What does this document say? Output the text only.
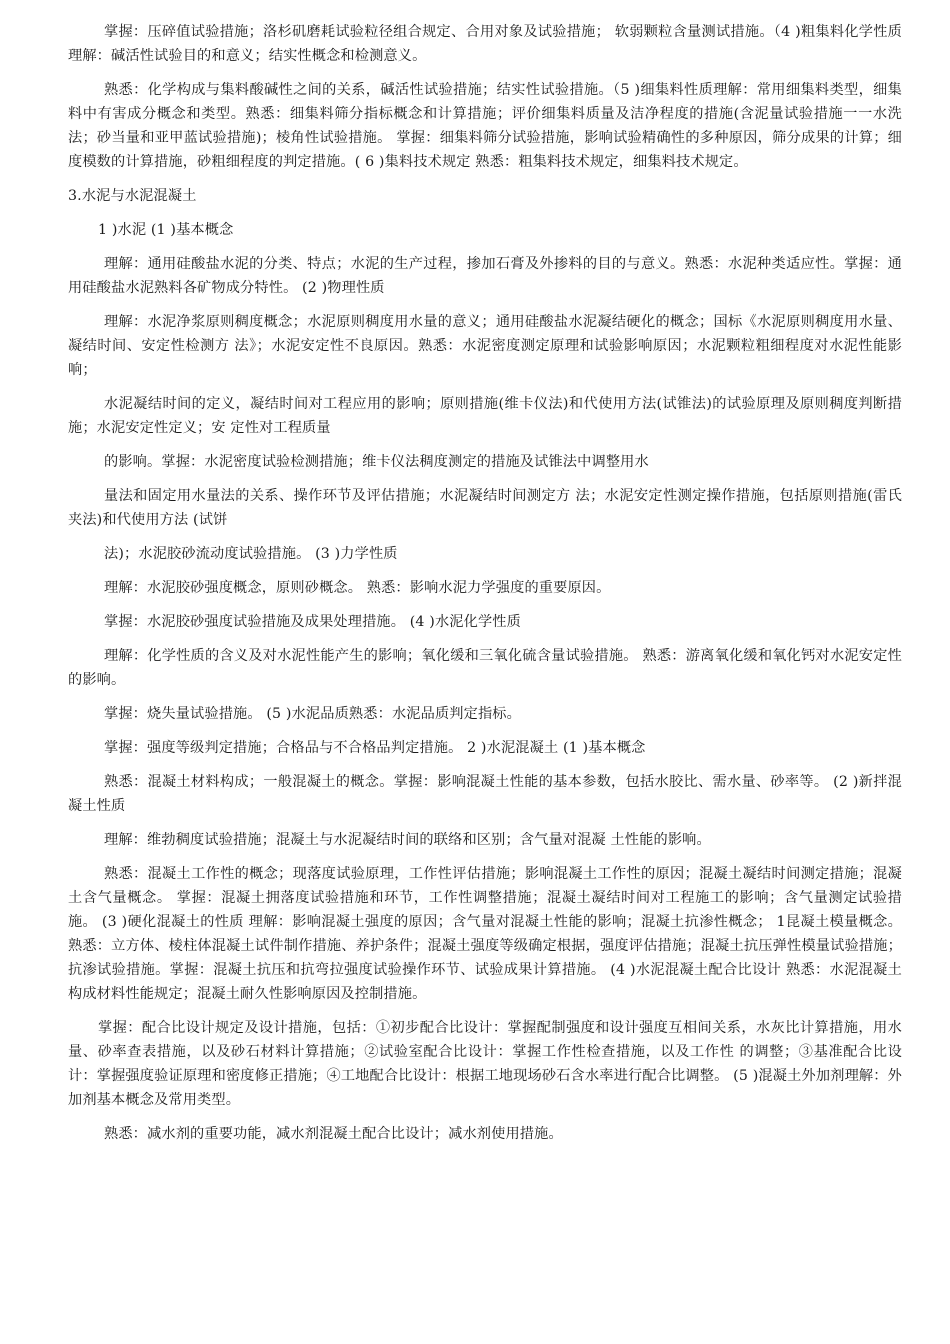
掌握：压碎值试验措施；洛杉矶磨耗试验粒径组合规定、合用对象及试验措施； 软弱颗粒含量测试措施。（4 )粗集料化学性质 理解：碱活性试验目的和意义；结实性概念和检测意义。

熟悉：化学构成与集料酸碱性之间的关系，碱活性试验措施；结实性试验措施。（5 )细集料性质理解：常用细集料类型，细集料中有害成分概念和类型。熟悉：细集料筛分指标概念和计算措施；评价细集料质量及洁净程度的措施(含泥量试验措施一一水洗法；砂当量和亚甲蓝试验措施)；棱角性试验措施。 掌握：细集料筛分试验措施，影响试验精确性的多种原因，筛分成果的计算；细度模数的计算措施，砂粗细程度的判定措施。( 6 )集料技术规定 熟悉：粗集料技术规定，细集料技术规定。

3.水泥与水泥混凝土

1 )水泥 (1 )基本概念

理解：通用硅酸盐水泥的分类、特点；水泥的生产过程，掺加石膏及外掺料的目的与意义。熟悉：水泥种类适应性。掌握：通用硅酸盐水泥熟料各矿物成分特性。 (2 )物理性质

理解：水泥净浆原则稠度概念；水泥原则稠度用水量的意义；通用硅酸盐水泥凝结硬化的概念；国标《水泥原则稠度用水量、凝结时间、安定性检测方 法》；水泥安定性不良原因。熟悉：水泥密度测定原理和试验影响原因；水泥颗粒粗细程度对水泥性能影响；

水泥凝结时间的定义，凝结时间对工程应用的影响；原则措施(维卡仪法)和代使用方法(试锥法)的试验原理及原则稠度判断措施；水泥安定性定义；安 定性对工程质量

的影响。掌握：水泥密度试验检测措施；维卡仪法稠度测定的措施及试锥法中调整用水

量法和固定用水量法的关系、操作环节及评估措施；水泥凝结时间测定方 法；水泥安定性测定操作措施，包括原则措施(雷氏夹法)和代使用方法 (试饼

法)；水泥胶砂流动度试验措施。 (3 )力学性质

理解：水泥胶砂强度概念，原则砂概念。 熟悉：影响水泥力学强度的重要原因。

掌握：水泥胶砂强度试验措施及成果处理措施。 (4 )水泥化学性质

理解：化学性质的含义及对水泥性能产生的影响；氧化缓和三氧化硫含量试验措施。 熟悉：游离氧化缓和氧化钙对水泥安定性的影响。

掌握：烧失量试验措施。 (5 )水泥品质熟悉：水泥品质判定指标。

掌握：强度等级判定措施；合格品与不合格品判定措施。 2 )水泥混凝土 (1 )基本概念

熟悉：混凝土材料构成；一般混凝土的概念。掌握：影响混凝土性能的基本参数，包括水胶比、需水量、砂率等。 (2 )新拌混凝土性质

理解：维勃稠度试验措施；混凝土与水泥凝结时间的联络和区别；含气量对混凝 土性能的影响。

熟悉：混凝土工作性的概念；现落度试验原理，工作性评估措施；影响混凝土工作性的原因；混凝土凝结时间测定措施；混凝土含气量概念。 掌握：混凝土拥落度试验措施和环节，工作性调整措施；混凝土凝结时间对工程施工的影响；含气量测定试验措施。 (3 )硬化混凝土的性质 理解：影响混凝土强度的原因；含气量对混凝土性能的影响；混凝土抗渗性概念； 1昆凝土模量概念。熟悉：立方体、棱柱体混凝土试件制作措施、养护条件；混凝土强度等级确定根据，强度评估措施；混凝土抗压弹性模量试验措施；抗渗试验措施。掌握：混凝土抗压和抗弯拉强度试验操作环节、试验成果计算措施。 (4 )水泥混凝土配合比设计 熟悉：水泥混凝土构成材料性能规定；混凝土耐久性影响原因及控制措施。

掌握：配合比设计规定及设计措施，包括：①初步配合比设计：掌握配制强度和设计强度互相间关系，水灰比计算措施，用水量、砂率查表措施，以及砂石材料计算措施；②试验室配合比设计：掌握工作性检查措施，以及工作性 的调整；③基准配合比设计：掌握强度验证原理和密度修正措施；④工地配合比设计：根据工地现场砂石含水率进行配合比调整。 (5 )混凝土外加剂理解：外加剂基本概念及常用类型。

熟悉：减水剂的重要功能，减水剂混凝土配合比设计；减水剂使用措施。
